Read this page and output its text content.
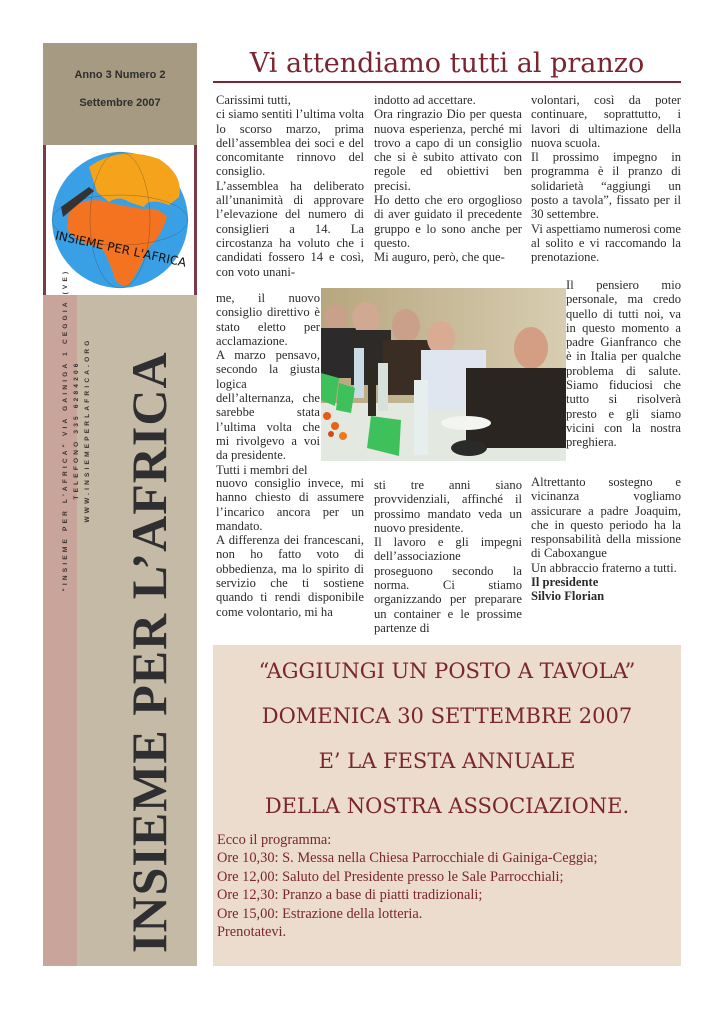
Anno 3 Numero 2
Settembre 2007
INSIEME PER L'AFRICA
"INSIEME PER L'AFRICA" VIA GAINIGA 1 CEGGIA (VE) TELEFONO 335 6284206 WWW.INSIEMEPERLAFRICA.ORG INSIEME PER L’AFRICA
Vi attendiamo tutti al pranzo

Carissimi tutti,

ci siamo sentiti l’ultima volta lo scorso marzo, prima dell’assemblea dei soci e del concomitante rinnovo del consiglio.

L’assemblea ha deliberato all’unanimità di approvare l’elevazione del numero di consiglieri a 14. La circostanza ha voluto che i candidati fossero 14 e così, con voto unani-

me, il nuovo consiglio direttivo è stato eletto per acclamazione.

A marzo pensavo, secondo la giusta logica dell’alternanza, che sarebbe stata l’ultima volta che mi rivolgevo a voi da presidente.

Tutti i membri del

nuovo consiglio invece, mi hanno chiesto di assumere l’incarico ancora per un mandato.

A differenza dei francescani, non ho fatto voto di obbedienza, ma lo spirito di servizio che ti sostiene quando ti rendi disponibile come volontario, mi ha

indotto ad accettare.

Ora ringrazio Dio per questa nuova esperienza, perché mi trovo a capo di un consiglio che si è subito attivato con regole ed obiettivi ben precisi.

Ho detto che ero orgoglioso di aver guidato il precedente gruppo e lo sono anche per questo.

Mi auguro, però, che que-

sti tre anni siano provvidenziali, affinché il prossimo mandato veda un nuovo presidente.

Il lavoro e gli impegni dell’associazione proseguono secondo la norma. Ci stiamo organizzando per preparare un container e le prossime partenze di

volontari, così da poter continuare, soprattutto, i lavori di ultimazione della nuova scuola.

Il prossimo impegno in programma è il pranzo di solidarietà “aggiungi un posto a tavola”, fissato per il 30 settembre.

Vi aspettiamo numerosi come al solito e vi raccomando la prenotazione.

Il pensiero mio personale, ma credo quello di tutti noi, va in questo momento a padre Gianfranco che è in Italia per qualche problema di salute. Siamo fiduciosi che tutto si risolverà presto e gli siamo vicini con la nostra preghiera.

Altrettanto sostegno e vicinanza vogliamo assicurare a padre Joaquim, che in questo periodo ha la responsabilità della missione di Caboxangue

Un abbraccio fraterno a tutti.

Il presidente

Silvio Florian

“AGGIUNGI UN POSTO A TAVOLA”
DOMENICA 30 SETTEMBRE 2007
E’ LA FESTA ANNUALE
DELLA NOSTRA ASSOCIAZIONE.
Ecco il programma:
Ore 10,30: S. Messa nella Chiesa Parrocchiale di Gainiga-Ceggia;
Ore 12,00: Saluto del Presidente presso le Sale Parrocchiali;
Ore 12,30: Pranzo a base di piatti tradizionali;
Ore 15,00: Estrazione della lotteria.
Prenotatevi.
